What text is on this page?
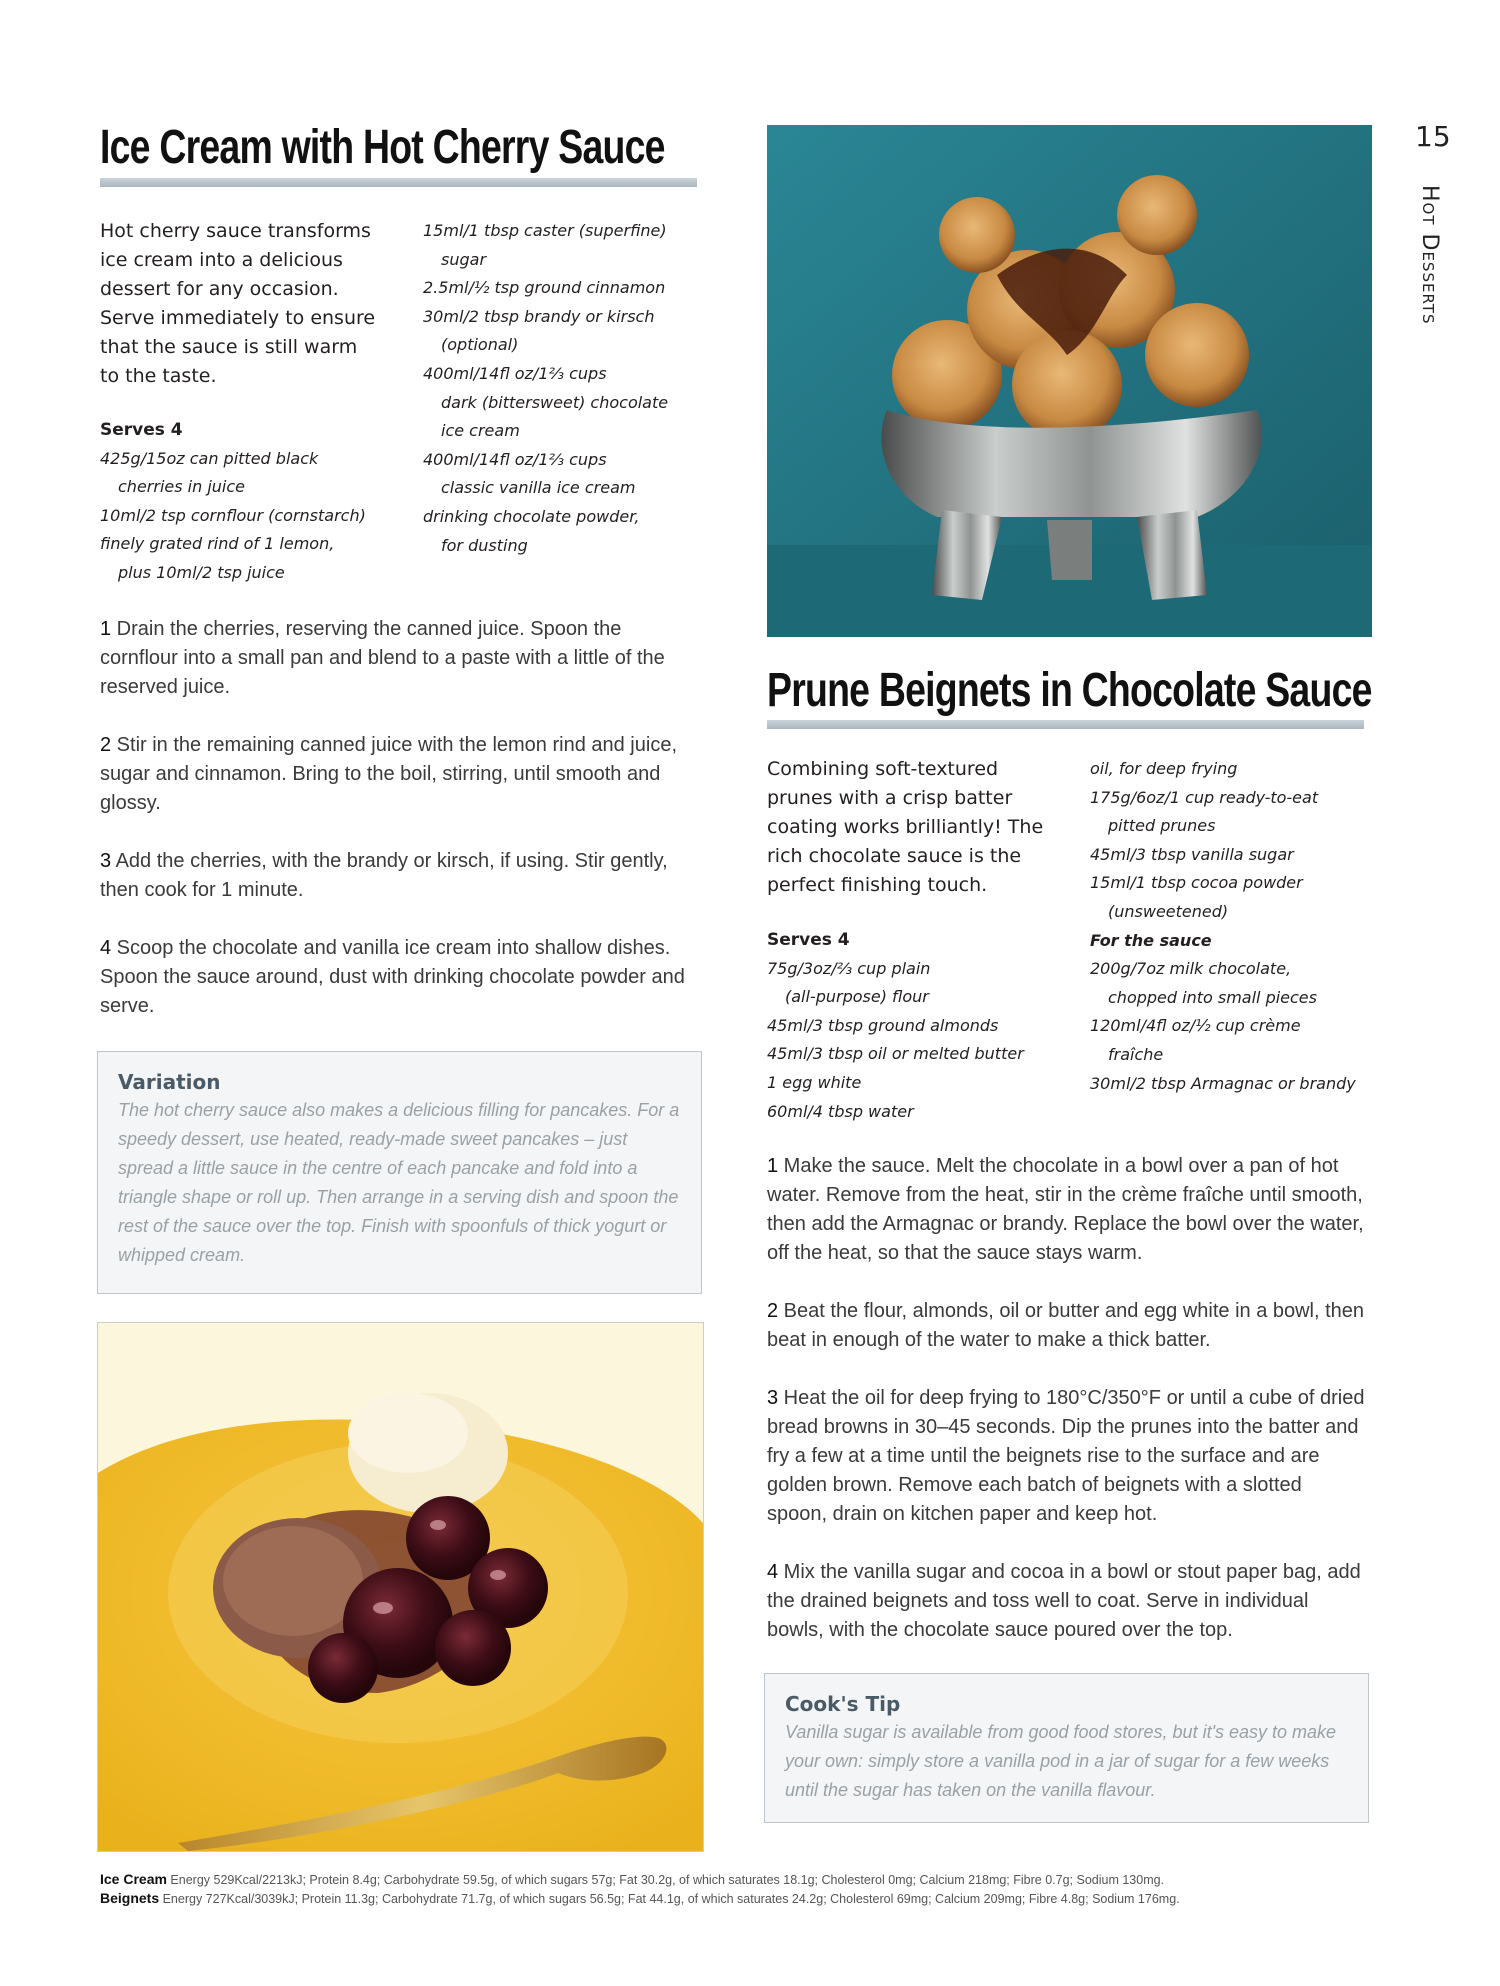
Ice Cream with Hot Cherry Sauce
Hot cherry sauce transforms ice cream into a delicious dessert for any occasion. Serve immediately to ensure that the sauce is still warm to the taste.
Serves 4
425g/15oz can pitted black
cherries in juice
10ml/2 tsp cornflour (cornstarch)
finely grated rind of 1 lemon,
plus 10ml/2 tsp juice
15ml/1 tbsp caster (superfine)
sugar
2.5ml/½ tsp ground cinnamon
30ml/2 tbsp brandy or kirsch
(optional)
400ml/14fl oz/1⅔ cups
dark (bittersweet) chocolate
ice cream
400ml/14fl oz/1⅔ cups
classic vanilla ice cream
drinking chocolate powder,
for dusting

1 Drain the cherries, reserving the canned juice. Spoon the cornflour into a small pan and blend to a paste with a little of the reserved juice.

2 Stir in the remaining canned juice with the lemon rind and juice, sugar and cinnamon. Bring to the boil, stirring, until smooth and glossy.

3 Add the cherries, with the brandy or kirsch, if using. Stir gently, then cook for 1 minute.

4 Scoop the chocolate and vanilla ice cream into shallow dishes. Spoon the sauce around, dust with drinking chocolate powder and serve.

Variation
The hot cherry sauce also makes a delicious filling for pancakes. For a speedy dessert, use heated, ready-made sweet pancakes – just spread a little sauce in the centre of each pancake and fold into a triangle shape or roll up. Then arrange in a serving dish and spoon the rest of the sauce over the top. Finish with spoonfuls of thick yogurt or whipped cream.
Prune Beignets in Chocolate Sauce
Combining soft-textured prunes with a crisp batter coating works brilliantly! The rich chocolate sauce is the perfect finishing touch.
Serves 4
75g/3oz/⅔ cup plain
(all-purpose) flour
45ml/3 tbsp ground almonds
45ml/3 tbsp oil or melted butter
1 egg white
60ml/4 tbsp water
oil, for deep frying
175g/6oz/1 cup ready-to-eat
pitted prunes
45ml/3 tbsp vanilla sugar
15ml/1 tbsp cocoa powder
(unsweetened)
For the sauce
200g/7oz milk chocolate,
chopped into small pieces
120ml/4fl oz/½ cup crème
fraîche
30ml/2 tbsp Armagnac or brandy

1 Make the sauce. Melt the chocolate in a bowl over a pan of hot water. Remove from the heat, stir in the crème fraîche until smooth, then add the Armagnac or brandy. Replace the bowl over the water, off the heat, so that the sauce stays warm.

2 Beat the flour, almonds, oil or butter and egg white in a bowl, then beat in enough of the water to make a thick batter.

3 Heat the oil for deep frying to 180°C/350°F or until a cube of dried bread browns in 30–45 seconds. Dip the prunes into the batter and fry a few at a time until the beignets rise to the surface and are golden brown. Remove each batch of beignets with a slotted spoon, drain on kitchen paper and keep hot.

4 Mix the vanilla sugar and cocoa in a bowl or stout paper bag, add the drained beignets and toss well to coat. Serve in individual bowls, with the chocolate sauce poured over the top.

Cook's Tip
Vanilla sugar is available from good food stores, but it's easy to make your own: simply store a vanilla pod in a jar of sugar for a few weeks until the sugar has taken on the vanilla flavour.
15
Hot Desserts
Ice Cream Energy 529Kcal/2213kJ; Protein 8.4g; Carbohydrate 59.5g, of which sugars 57g; Fat 30.2g, of which saturates 18.1g; Cholesterol 0mg; Calcium 218mg; Fibre 0.7g; Sodium 130mg.
Beignets Energy 727Kcal/3039kJ; Protein 11.3g; Carbohydrate 71.7g, of which sugars 56.5g; Fat 44.1g, of which saturates 24.2g; Cholesterol 69mg; Calcium 209mg; Fibre 4.8g; Sodium 176mg.
